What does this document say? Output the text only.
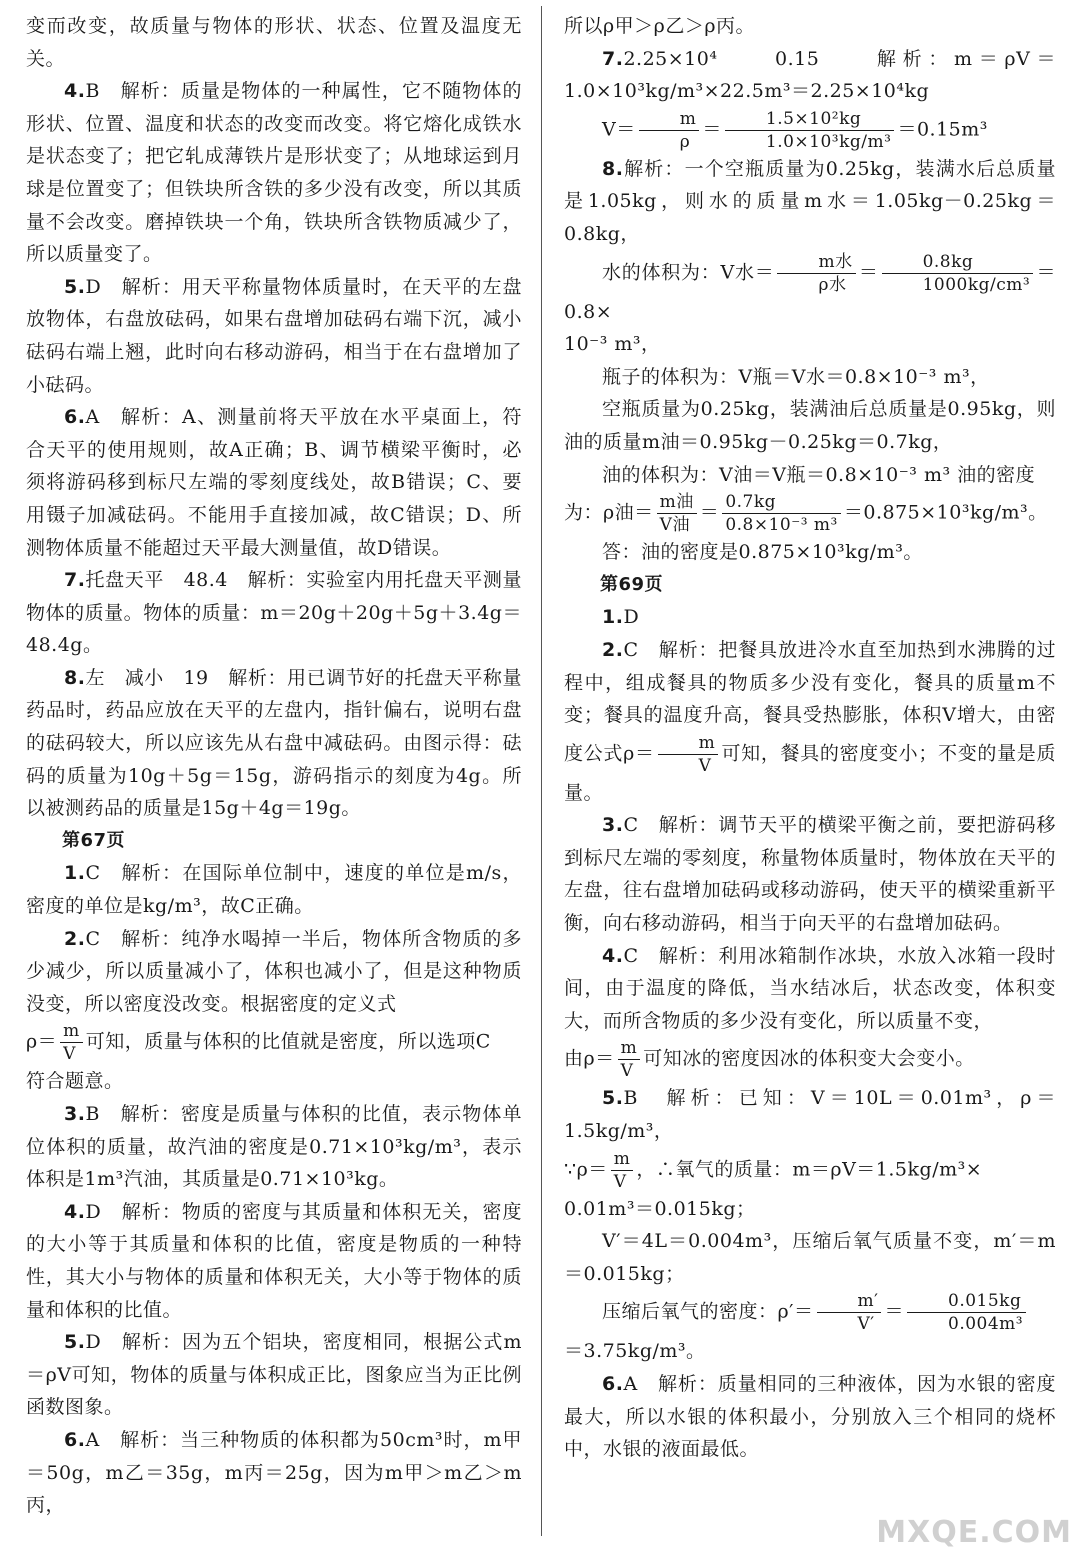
变而改变，故质量与物体的形状、状态、位置及温度无关。

4.B　解析：质量是物体的一种属性，它不随物体的形状、位置、温度和状态的改变而改变。将它熔化成铁水是状态变了；把它轧成薄铁片是形状变了；从地球运到月球是位置变了；但铁块所含铁的多少没有改变，所以其质量不会改变。磨掉铁块一个角，铁块所含铁物质减少了，所以质量变了。

5.D　解析：用天平称量物体质量时，在天平的左盘放物体，右盘放砝码，如果右盘增加砝码右端下沉，减小砝码右端上翘，此时向右移动游码，相当于在右盘增加了小砝码。

6.A　解析：A、测量前将天平放在水平桌面上，符合天平的使用规则，故A正确；B、调节横梁平衡时，必须将游码移到标尺左端的零刻度线处，故B错误；C、要用镊子加减砝码。不能用手直接加减，故C错误；D、所测物体质量不能超过天平最大测量值，故D错误。

7.托盘天平　48.4　解析：实验室内用托盘天平测量物体的质量。物体的质量：m＝20g＋20g＋5g＋3.4g＝48.4g。

8.左　减小　19　解析：用已调节好的托盘天平称量药品时，药品应放在天平的左盘内，指针偏右，说明右盘的砝码较大，所以应该先从右盘中减砝码。由图示得：砝码的质量为10g＋5g＝15g，游码指示的刻度为4g。所以被测药品的质量是15g＋4g＝19g。

第67页

1.C　解析：在国际单位制中，速度的单位是m/s，密度的单位是kg/m³，故C正确。

2.C　解析：纯净水喝掉一半后，物体所含物质的多少减少，所以质量减小了，体积也减小了，但是这种物质没变，所以密度没改变。根据密度的定义式

$\rho= \frac{m}{V}$ 可知，质量与体积的比值就是密度，所以选项C

符合题意。

3.B　解析：密度是质量与体积的比值，表示物体单位体积的质量，故汽油的密度是0.71×10³kg/m³，表示体积是1m³汽油，其质量是0.71×10³kg。

4.D　解析：物质的密度与其质量和体积无关，密度的大小等于其质量和体积的比值，密度是物质的一种特性，其大小与物体的质量和体积无关，大小等于物体的质量和体积的比值。

5.D　解析：因为五个铝块，密度相同，根据公式m＝ρV可知，物体的质量与体积成正比，图象应当为正比例函数图象。

6.A　解析：当三种物质的体积都为50cm³时，m甲＝50g，m乙＝35g，m丙＝25g，因为m甲＞m乙＞m丙，

所以ρ甲＞ρ乙＞ρ丙。

7.2.25×10⁴　　0.15　　解析：m＝ρV＝1.0×10³kg/m³×22.5m³＝2.25×10⁴kg

$V= \frac{m}{\rho} = \frac{\text{1.5×10²kg}}{\text{1.0×10³kg/m³}} =0.15m^3$

8.解析：一个空瓶质量为0.25kg，装满水后总质量是1.05kg，则水的质量m水＝1.05kg－0.25kg＝0.8kg，

水的体积为：V水＝ $\frac{\text{m水}}{\text{ρ水}} = \frac{0.8kg}{\text{1000kg/cm³}} =0.8\times$

10⁻³ m³，

瓶子的体积为：V瓶＝V水＝0.8×10⁻³ m³，

空瓶质量为0.25kg，装满油后总质量是0.95kg，则油的质量m油＝0.95kg－0.25kg＝0.7kg，

油的体积为：V油＝V瓶＝0.8×10⁻³ m³ 油的密度

为：ρ油＝ $\frac{\text{m油}}{\text{V油}} = \frac{0.7kg}{\text{0.8×10⁻³ m³}} =0.875\times 10^3kg/m^3$。

答：油的密度是0.875×10³kg/m³。

第69页

1.D

2.C　解析：把餐具放进冷水直至加热到水沸腾的过程中，组成餐具的物质多少没有变化，餐具的质量m不变；餐具的温度升高，餐具受热膨胀，体积V增大，由密度公式$\rho= \frac{m}{V}$ 可知，餐具的密度变小；不变的量是质量。

3.C　解析：调节天平的横梁平衡之前，要把游码移到标尺左端的零刻度，称量物体质量时，物体放在天平的左盘，往右盘增加砝码或移动游码，使天平的横梁重新平衡，向右移动游码，相当于向天平的右盘增加砝码。

4.C　解析：利用冰箱制作冰块，水放入冰箱一段时间，由于温度的降低，当水结冰后，状态改变，体积变大，而所含物质的多少没有变化，所以质量不变，

由$\rho= \frac{m}{V}$ 可知冰的密度因冰的体积变大会变小。

5.B　解析：已知：V＝10L＝0.01m³，ρ＝1.5kg/m³，

∵ρ＝ $\frac{m}{V}$ ，∴氧气的质量：m＝ρV＝1.5kg/m³×

0.01m³＝0.015kg；

V′＝4L＝0.004m³，压缩后氧气质量不变，m′＝m＝0.015kg；

压缩后氧气的密度：$\rho'= \frac{m'}{V'} = \frac{0.015kg}{\text{0.004m³}}$

＝3.75kg/m³。

6.A　解析：质量相同的三种液体，因为水银的密度最大，所以水银的体积最小，分别放入三个相同的烧杯中，水银的液面最低。

MXQE.COM
